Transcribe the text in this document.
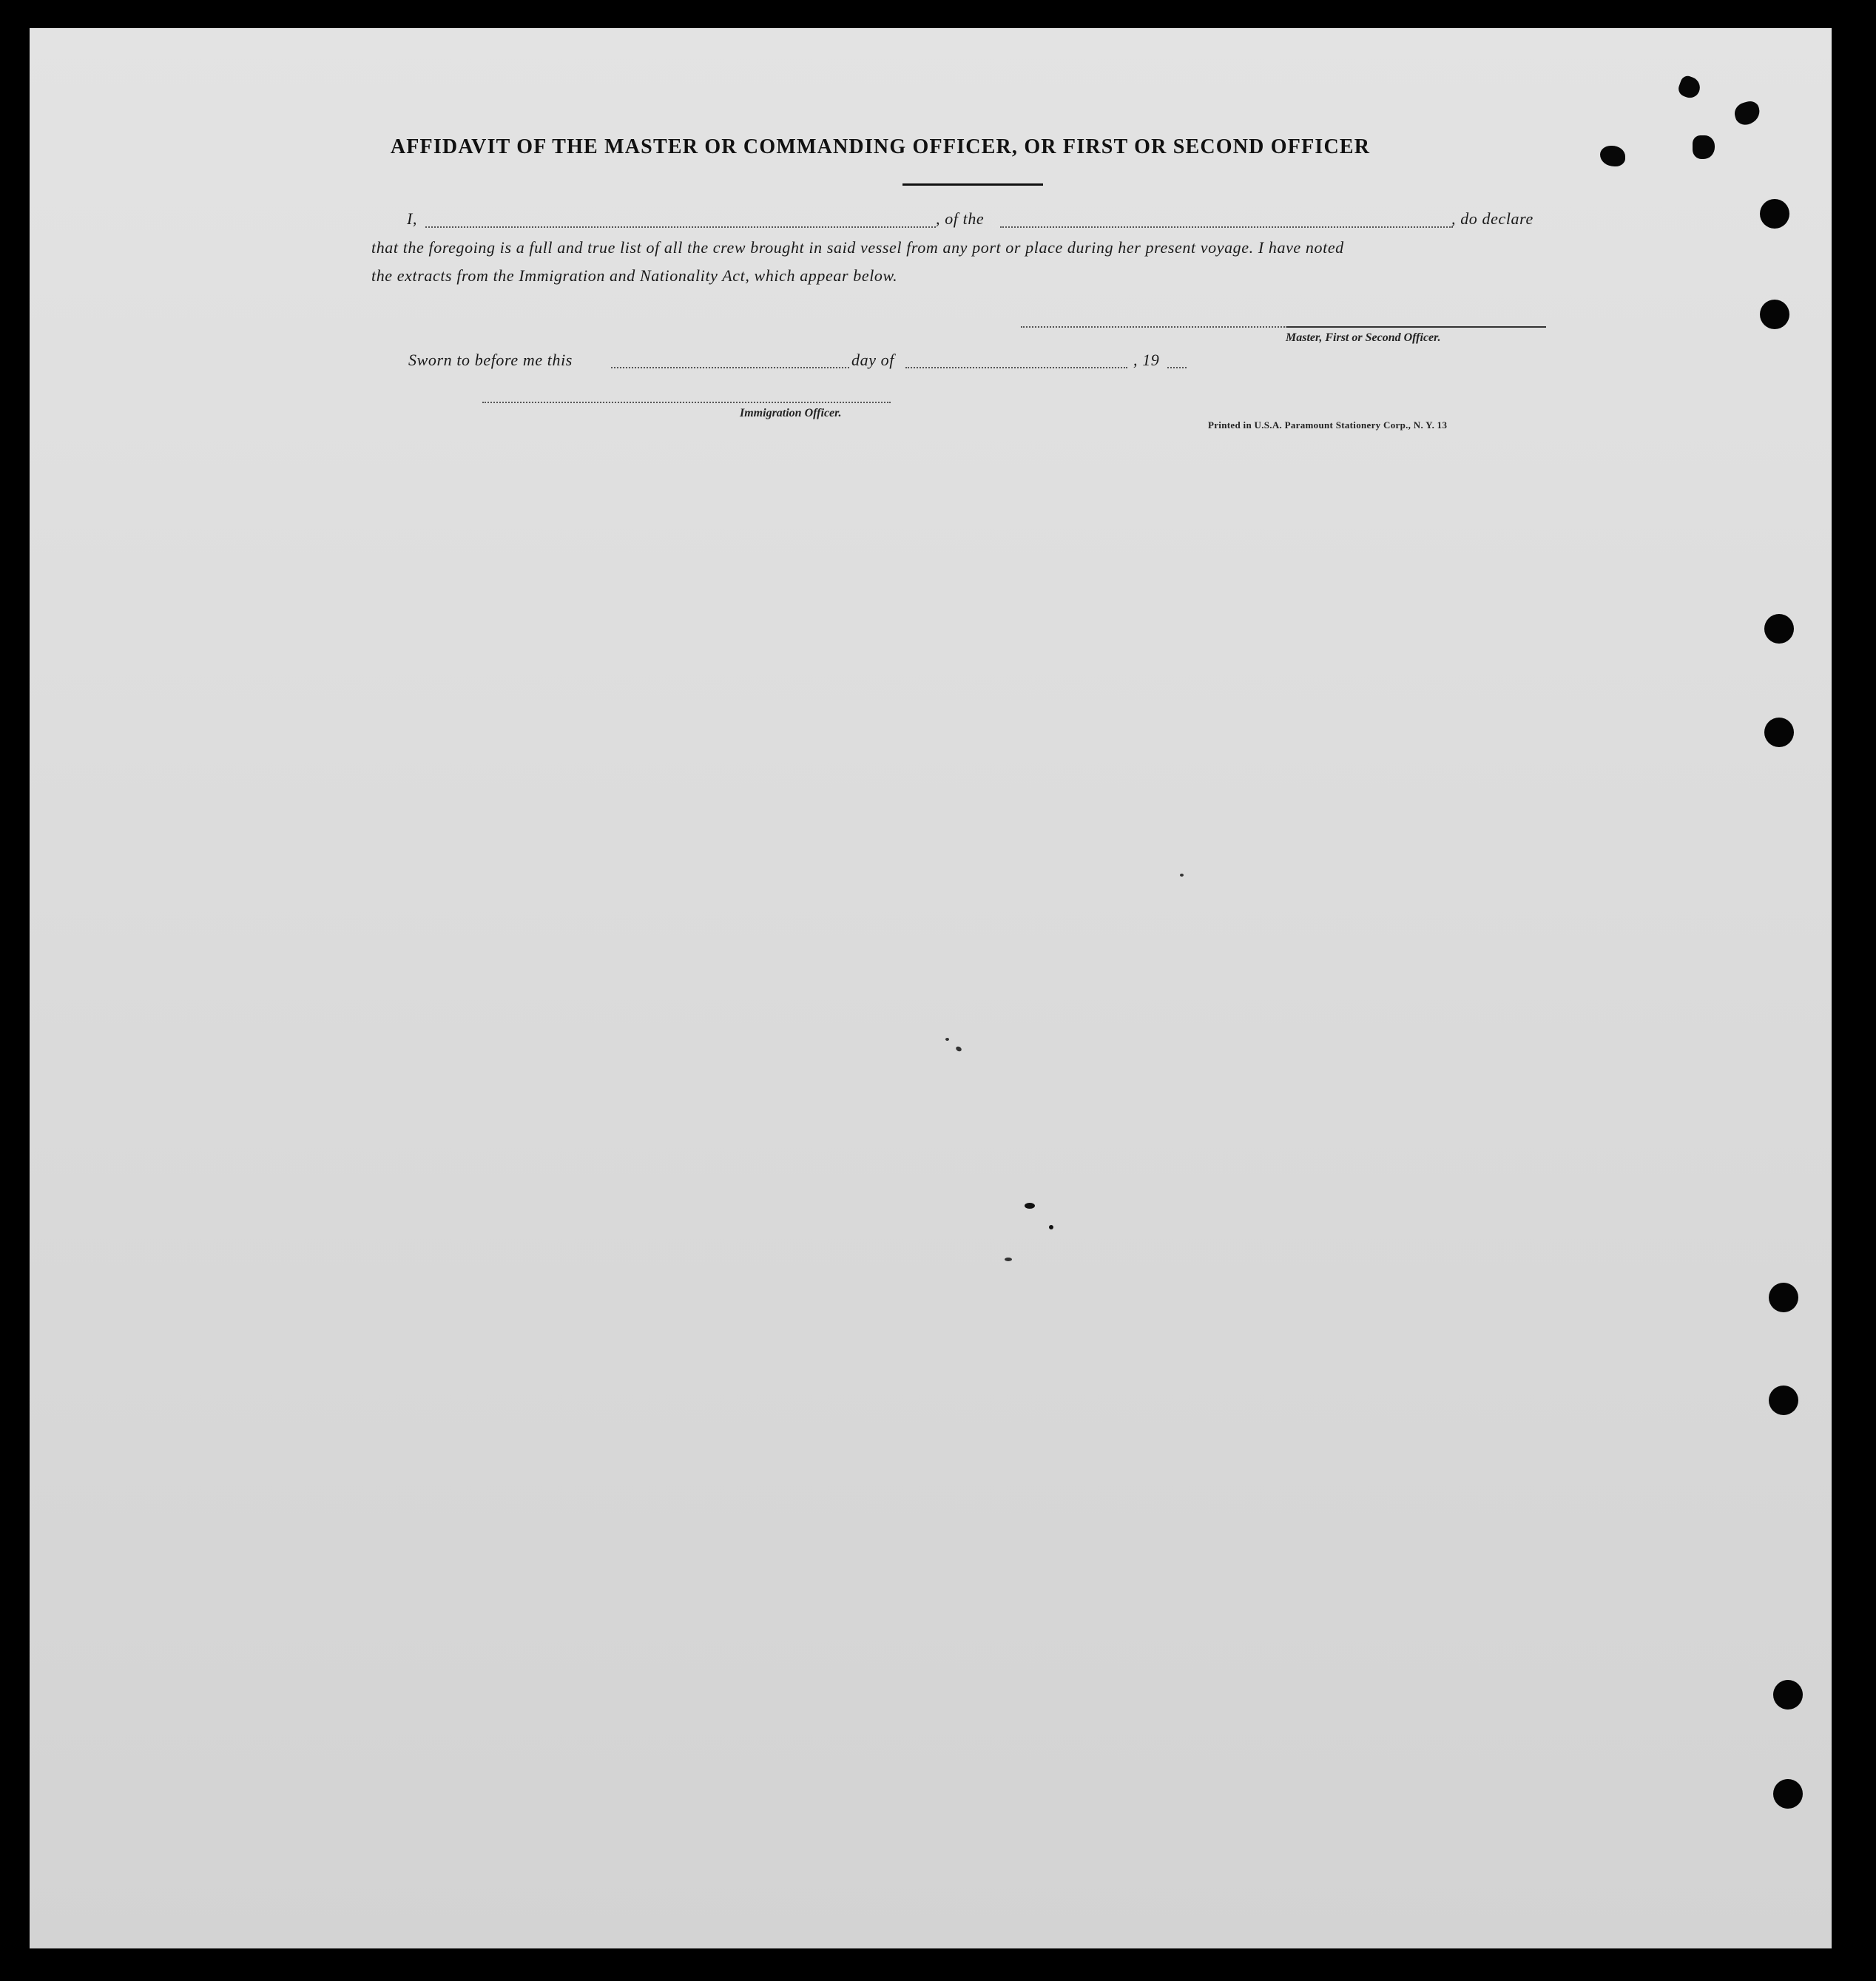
AFFIDAVIT OF THE MASTER OR COMMANDING OFFICER, OR FIRST OR SECOND OFFICER
I,	, of the	, do declare
that the foregoing is a full and true list of all the crew brought in said vessel from any port or place during her present voyage. I have noted
the extracts from the Immigration and Nationality Act, which appear below.
Master, First or Second Officer.
Sworn to before me this	day of	, 19
Immigration Officer.
Printed in U.S.A. Paramount Stationery Corp., N. Y. 13
